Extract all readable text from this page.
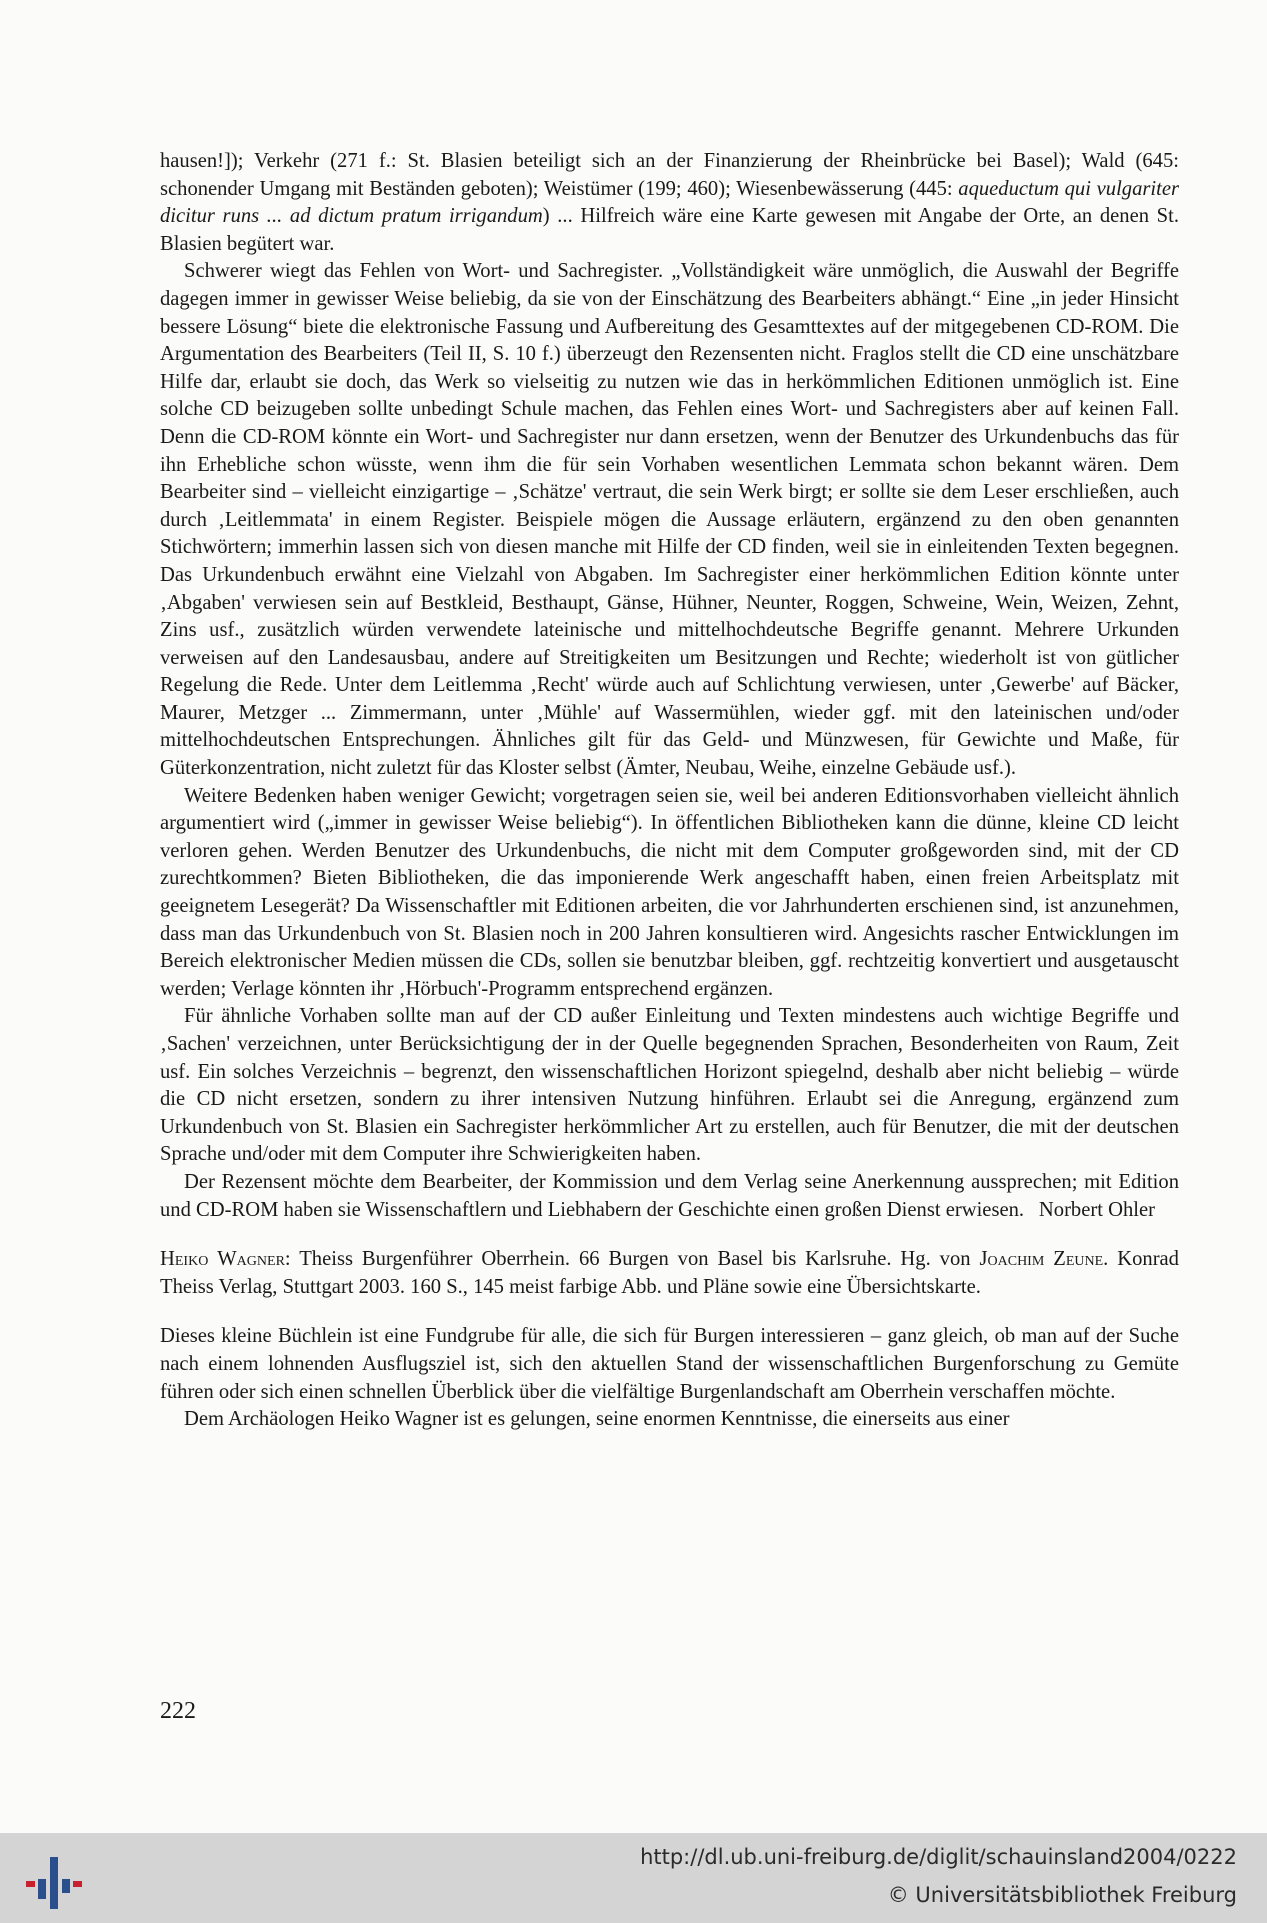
hausen!]); Verkehr (271 f.: St. Blasien beteiligt sich an der Finanzierung der Rheinbrücke bei Basel); Wald (645: schonender Umgang mit Beständen geboten); Weistümer (199; 460); Wiesenbewässerung (445: aqueductum qui vulgariter dicitur runs ... ad dictum pratum irrigandum) ... Hilfreich wäre eine Karte gewesen mit Angabe der Orte, an denen St. Blasien begütert war.

Schwerer wiegt das Fehlen von Wort- und Sachregister. „Vollständigkeit wäre unmöglich, die Auswahl der Begriffe dagegen immer in gewisser Weise beliebig, da sie von der Einschätzung des Bearbeiters abhängt.“ Eine „in jeder Hinsicht bessere Lösung“ biete die elektronische Fassung und Aufbereitung des Gesamttextes auf der mitgegebenen CD-ROM. Die Argumentation des Bearbeiters (Teil II, S. 10 f.) überzeugt den Rezensenten nicht. Fraglos stellt die CD eine unschätzbare Hilfe dar, erlaubt sie doch, das Werk so vielseitig zu nutzen wie das in herkömmlichen Editionen unmöglich ist. Eine solche CD beizugeben sollte unbedingt Schule machen, das Fehlen eines Wort- und Sachregisters aber auf keinen Fall. Denn die CD-ROM könnte ein Wort- und Sachregister nur dann ersetzen, wenn der Benutzer des Urkundenbuchs das für ihn Erhebliche schon wüsste, wenn ihm die für sein Vorhaben wesentlichen Lemmata schon bekannt wären. Dem Bearbeiter sind – vielleicht einzigartige – ‚Schätze' vertraut, die sein Werk birgt; er sollte sie dem Leser erschließen, auch durch ‚Leitlemmata' in einem Register. Beispiele mögen die Aussage erläutern, ergänzend zu den oben genannten Stichwörtern; immerhin lassen sich von diesen manche mit Hilfe der CD finden, weil sie in einleitenden Texten begegnen. Das Urkundenbuch erwähnt eine Vielzahl von Abgaben. Im Sachregister einer herkömmlichen Edition könnte unter ‚Abgaben' verwiesen sein auf Bestkleid, Besthaupt, Gänse, Hühner, Neunter, Roggen, Schweine, Wein, Weizen, Zehnt, Zins usf., zusätzlich würden verwendete lateinische und mittelhochdeutsche Begriffe genannt. Mehrere Urkunden verweisen auf den Landesausbau, andere auf Streitigkeiten um Besitzungen und Rechte; wiederholt ist von gütlicher Regelung die Rede. Unter dem Leitlemma ‚Recht' würde auch auf Schlichtung verwiesen, unter ‚Gewerbe' auf Bäcker, Maurer, Metzger ... Zimmermann, unter ‚Mühle' auf Wassermühlen, wieder ggf. mit den lateinischen und/oder mittelhochdeutschen Entsprechungen. Ähnliches gilt für das Geld- und Münzwesen, für Gewichte und Maße, für Güterkonzentration, nicht zuletzt für das Kloster selbst (Ämter, Neubau, Weihe, einzelne Gebäude usf.).

Weitere Bedenken haben weniger Gewicht; vorgetragen seien sie, weil bei anderen Editionsvorhaben vielleicht ähnlich argumentiert wird („immer in gewisser Weise beliebig“). In öffentlichen Bibliotheken kann die dünne, kleine CD leicht verloren gehen. Werden Benutzer des Urkundenbuchs, die nicht mit dem Computer großgeworden sind, mit der CD zurechtkommen? Bieten Bibliotheken, die das imponierende Werk angeschafft haben, einen freien Arbeitsplatz mit geeignetem Lesegerät? Da Wissenschaftler mit Editionen arbeiten, die vor Jahrhunderten erschienen sind, ist anzunehmen, dass man das Urkundenbuch von St. Blasien noch in 200 Jahren konsultieren wird. Angesichts rascher Entwicklungen im Bereich elektronischer Medien müssen die CDs, sollen sie benutzbar bleiben, ggf. rechtzeitig konvertiert und ausgetauscht werden; Verlage könnten ihr ‚Hörbuch'-Programm entsprechend ergänzen.

Für ähnliche Vorhaben sollte man auf der CD außer Einleitung und Texten mindestens auch wichtige Begriffe und ‚Sachen' verzeichnen, unter Berücksichtigung der in der Quelle begegnenden Sprachen, Besonderheiten von Raum, Zeit usf. Ein solches Verzeichnis – begrenzt, den wissenschaftlichen Horizont spiegelnd, deshalb aber nicht beliebig – würde die CD nicht ersetzen, sondern zu ihrer intensiven Nutzung hinführen. Erlaubt sei die Anregung, ergänzend zum Urkundenbuch von St. Blasien ein Sachregister herkömmlicher Art zu erstellen, auch für Benutzer, die mit der deutschen Sprache und/oder mit dem Computer ihre Schwierigkeiten haben.

Der Rezensent möchte dem Bearbeiter, der Kommission und dem Verlag seine Anerkennung aussprechen; mit Edition und CD-ROM haben sie Wissenschaftlern und Liebhabern der Geschichte einen großen Dienst erwiesen. Norbert Ohler

Heiko Wagner: Theiss Burgenführer Oberrhein. 66 Burgen von Basel bis Karlsruhe. Hg. von Joachim Zeune. Konrad Theiss Verlag, Stuttgart 2003. 160 S., 145 meist farbige Abb. und Pläne sowie eine Übersichtskarte.

Dieses kleine Büchlein ist eine Fundgrube für alle, die sich für Burgen interessieren – ganz gleich, ob man auf der Suche nach einem lohnenden Ausflugsziel ist, sich den aktuellen Stand der wissenschaftlichen Burgenforschung zu Gemüte führen oder sich einen schnellen Überblick über die vielfältige Burgenlandschaft am Oberrhein verschaffen möchte.

Dem Archäologen Heiko Wagner ist es gelungen, seine enormen Kenntnisse, die einerseits aus einer

222
http://dl.ub.uni-freiburg.de/diglit/schauinsland2004/0222
© Universitätsbibliothek Freiburg
